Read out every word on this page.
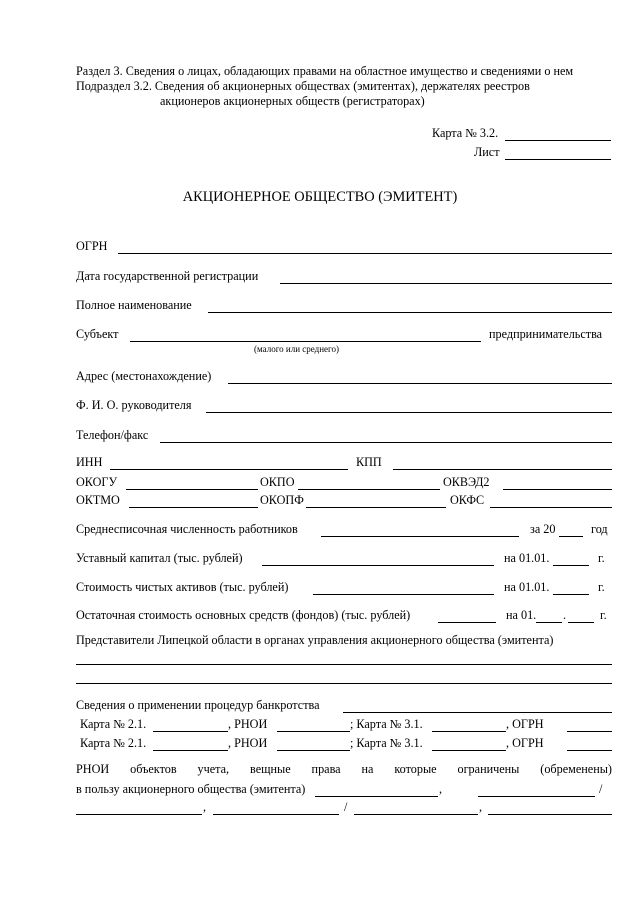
Раздел 3. Сведения о лицах, обладающих правами на областное имущество и сведениями о нем
Подраздел 3.2. Сведения об акционерных обществах (эмитентах), держателях реестров
акционеров акционерных обществ (регистраторах)
Карта № 3.2.
Лист
АКЦИОНЕРНОЕ ОБЩЕСТВО (ЭМИТЕНТ)
ОГРН
Дата государственной регистрации
Полное наименование
Субъект	предпринимательства
(малого или среднего)
Адрес (местонахождение)
Ф. И. О. руководителя
Телефон/факс
ИНН	КПП
ОКОГУ	ОКПО	ОКВЭД2
ОКТМО	ОКОПФ	ОКФС
Среднесписочная численность работников	за 20	год
Уставный капитал (тыс. рублей)	на 01.01.	г.
Стоимость чистых активов (тыс. рублей)	на 01.01.	г.
Остаточная стоимость основных средств (фондов) (тыс. рублей)	на 01. .	г.
Представители Липецкой области в органах управления акционерного общества (эмитента)
Сведения о применении процедур банкротства
Карта № 2.1.	, РНОИ	; Карта № 3.1.	, ОГРН
Карта № 2.1.	, РНОИ	; Карта № 3.1.	, ОГРН
РНОИ объектов учета, вещные права на которые ограничены (обременены)
в пользу акционерного общества (эмитента)	,	/
,	/	,
